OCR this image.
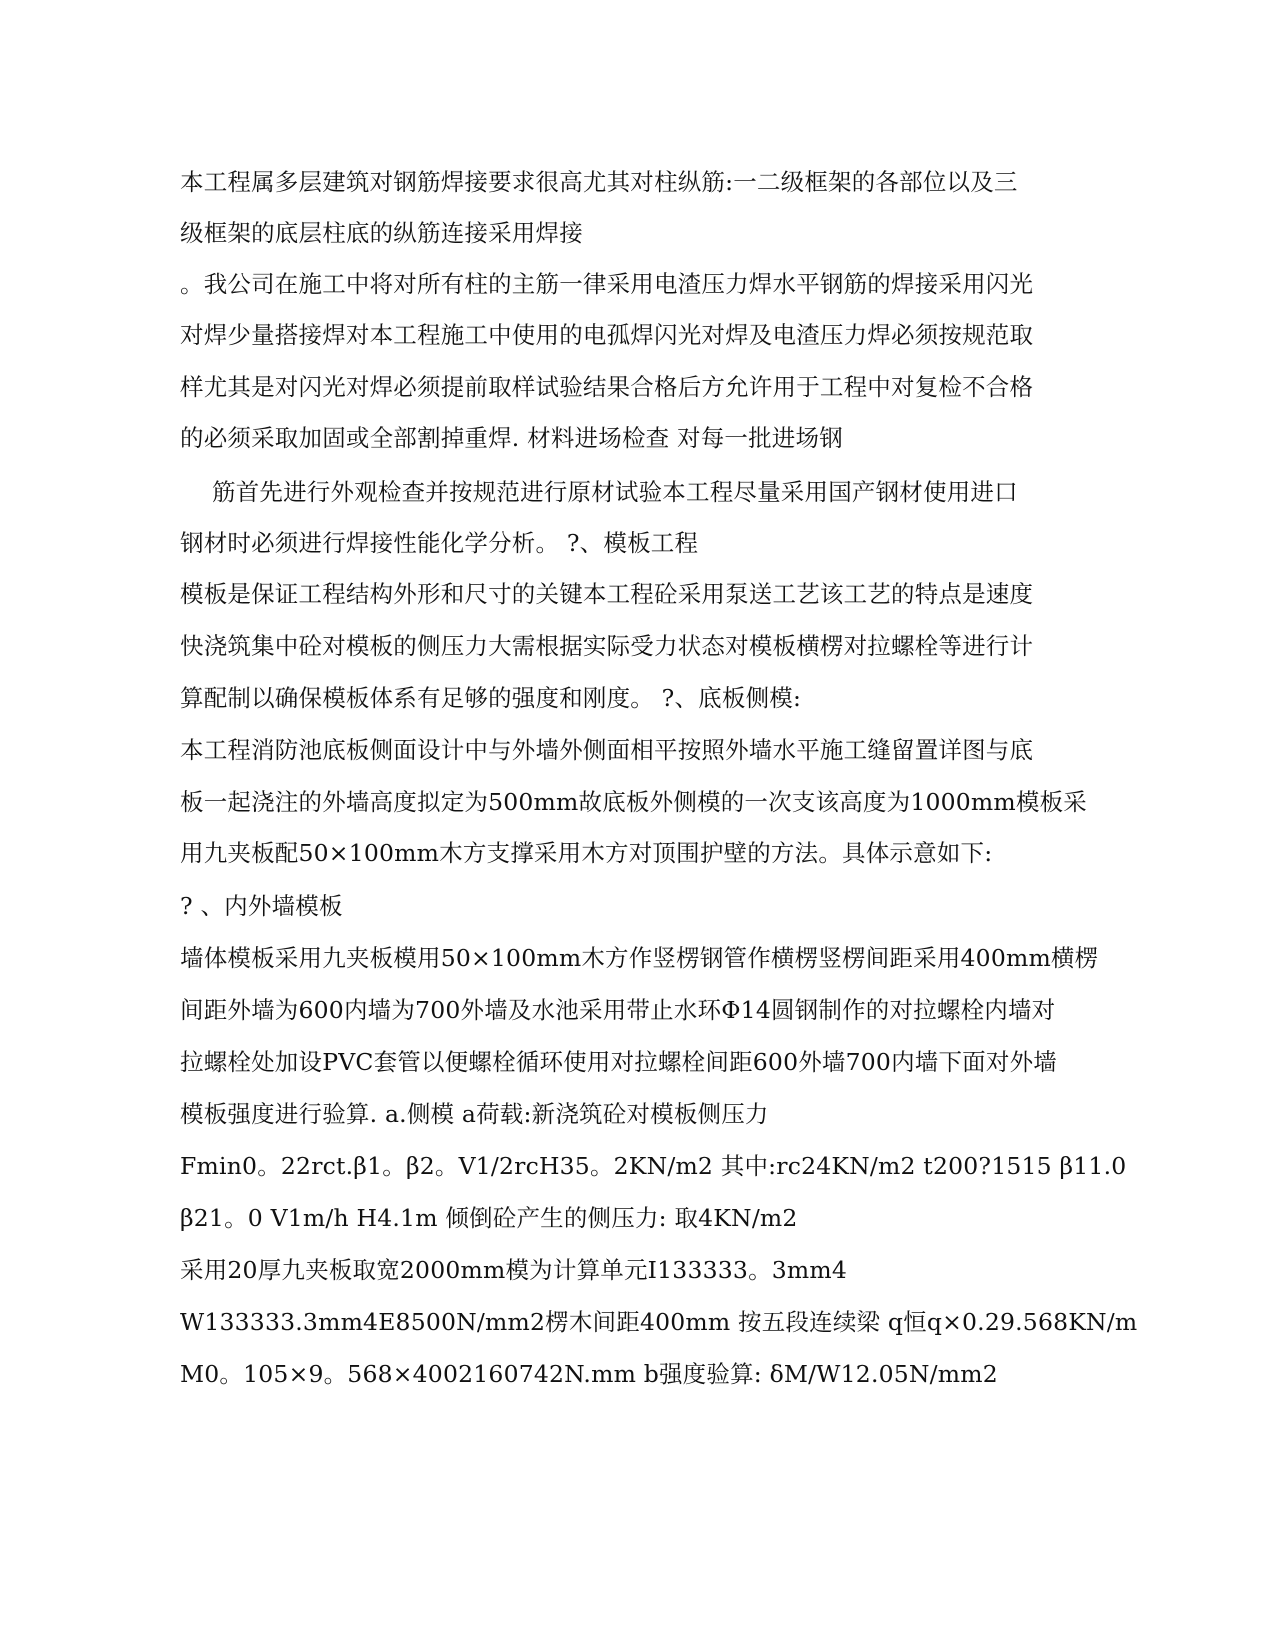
本工程属多层建筑对钢筋焊接要求很高尤其对柱纵筋:一二级框架的各部位以及三
级框架的底层柱底的纵筋连接采用焊接
。我公司在施工中将对所有柱的主筋一律采用电渣压力焊水平钢筋的焊接采用闪光
对焊少量搭接焊对本工程施工中使用的电孤焊闪光对焊及电渣压力焊必须按规范取
样尤其是对闪光对焊必须提前取样试验结果合格后方允许用于工程中对复检不合格
的必须采取加固或全部割掉重焊. 材料进场检查 对每一批进场钢
筋首先进行外观检查并按规范进行原材试验本工程尽量采用国产钢材使用进口
钢材时必须进行焊接性能化学分析。 ?、模板工程
模板是保证工程结构外形和尺寸的关键本工程砼采用泵送工艺该工艺的特点是速度
快浇筑集中砼对模板的侧压力大需根据实际受力状态对模板横楞对拉螺栓等进行计
算配制以确保模板体系有足够的强度和刚度。 ?、底板侧模:
本工程消防池底板侧面设计中与外墙外侧面相平按照外墙水平施工缝留置详图与底
板一起浇注的外墙高度拟定为500mm故底板外侧模的一次支该高度为1000mm模板采
用九夹板配50×100mm木方支撑采用木方对顶围护壁的方法。具体示意如下:
? 、内外墙模板
墙体模板采用九夹板模用50×100mm木方作竖楞钢管作横楞竖楞间距采用400mm横楞
间距外墙为600内墙为700外墙及水池采用带止水环Φ14圆钢制作的对拉螺栓内墙对
拉螺栓处加设PVC套管以便螺栓循环使用对拉螺栓间距600外墙700内墙下面对外墙
模板强度进行验算. a.侧模 a荷载:新浇筑砼对模板侧压力
Fmin0。22rct.β1。β2。V1/2rcH35。2KN/m2 其中:rc24KN/m2 t200?1515 β11.0
β21。0 V1m/h H4.1m 倾倒砼产生的侧压力: 取4KN/m2
采用20厚九夹板取宽2000mm模为计算单元I133333。3mm4
W133333.3mm4E8500N/mm2楞木间距400mm 按五段连续梁 q恒q×0.29.568KN/m
M0。105×9。568×4002160742N.mm b强度验算: δM/W12.05N/mm2
